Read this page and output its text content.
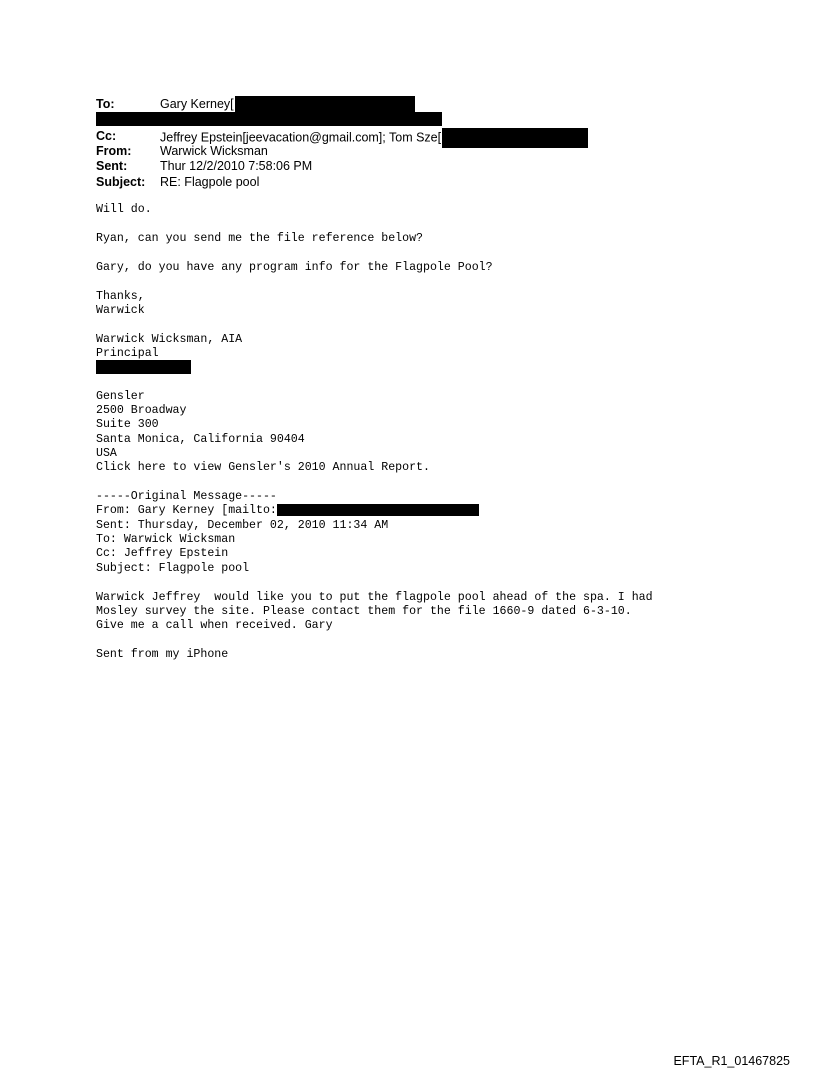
To:	Gary Kerney[
Cc:	Jeffrey Epstein[jeevacation@gmail.com]; Tom Sze[
From: Warwick Wicksman
Sent:	Thur 12/2/2010 7:58:06 PM
Subject: RE: Flagpole pool
Will do.
Ryan, can you send me the file reference below?
Gary, do you have any program info for the Flagpole Pool?
Thanks,
Warwick
Warwick Wicksman, AIA
Principal
Gensler
2500 Broadway
Suite 300
Santa Monica, California 90404
USA
Click here to view Gensler's 2010 Annual Report.
-----Original Message-----
From: Gary Kerney [mailto:
Sent: Thursday, December 02, 2010 11:34 AM
To: Warwick Wicksman
Cc: Jeffrey Epstein
Subject: Flagpole pool
Warwick Jeffrey  would like you to put the flagpole pool ahead of the spa. I had
Mosley survey the site. Please contact them for the file 1660-9 dated 6-3-10.
Give me a call when received. Gary
Sent from my iPhone
EFTA_R1_01467825
